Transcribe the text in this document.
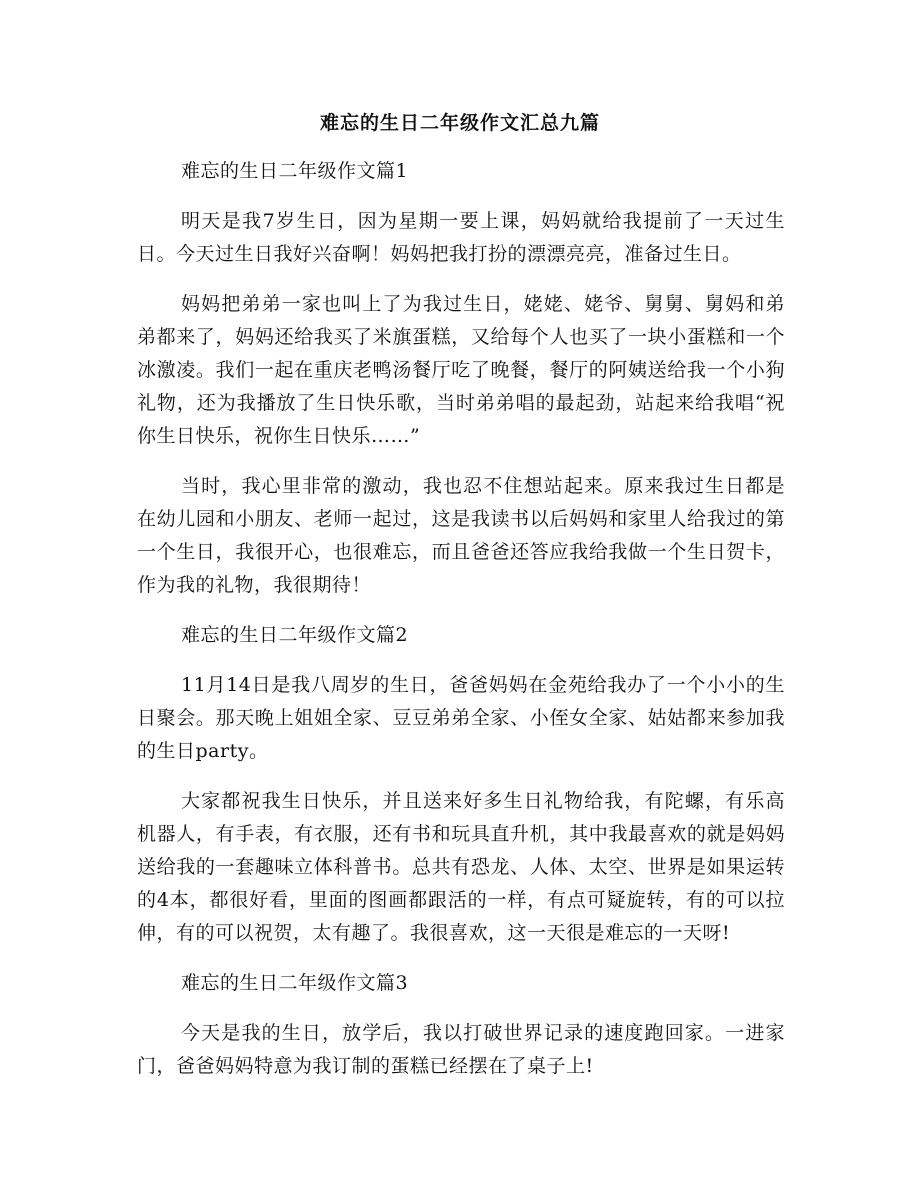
难忘的生日二年级作文汇总九篇

难忘的生日二年级作文篇1

明天是我7岁生日，因为星期一要上课，妈妈就给我提前了一天过生日。今天过生日我好兴奋啊！妈妈把我打扮的漂漂亮亮，准备过生日。

妈妈把弟弟一家也叫上了为我过生日，姥姥、姥爷、舅舅、舅妈和弟弟都来了，妈妈还给我买了米旗蛋糕，又给每个人也买了一块小蛋糕和一个冰激凌。我们一起在重庆老鸭汤餐厅吃了晚餐，餐厅的阿姨送给我一个小狗礼物，还为我播放了生日快乐歌，当时弟弟唱的最起劲，站起来给我唱“祝你生日快乐，祝你生日快乐……”

当时，我心里非常的激动，我也忍不住想站起来。原来我过生日都是在幼儿园和小朋友、老师一起过，这是我读书以后妈妈和家里人给我过的第一个生日，我很开心，也很难忘，而且爸爸还答应我给我做一个生日贺卡，作为我的礼物，我很期待！

难忘的生日二年级作文篇2

11月14日是我八周岁的生日，爸爸妈妈在金苑给我办了一个小小的生日聚会。那天晚上姐姐全家、豆豆弟弟全家、小侄女全家、姑姑都来参加我的生日party。

大家都祝我生日快乐，并且送来好多生日礼物给我，有陀螺，有乐高机器人，有手表，有衣服，还有书和玩具直升机，其中我最喜欢的就是妈妈送给我的一套趣味立体科普书。总共有恐龙、人体、太空、世界是如果运转的4本，都很好看，里面的图画都跟活的一样，有点可疑旋转，有的可以拉伸，有的可以祝贺，太有趣了。我很喜欢，这一天很是难忘的一天呀!

难忘的生日二年级作文篇3

今天是我的生日，放学后，我以打破世界记录的速度跑回家。一进家门，爸爸妈妈特意为我订制的蛋糕已经摆在了桌子上!
